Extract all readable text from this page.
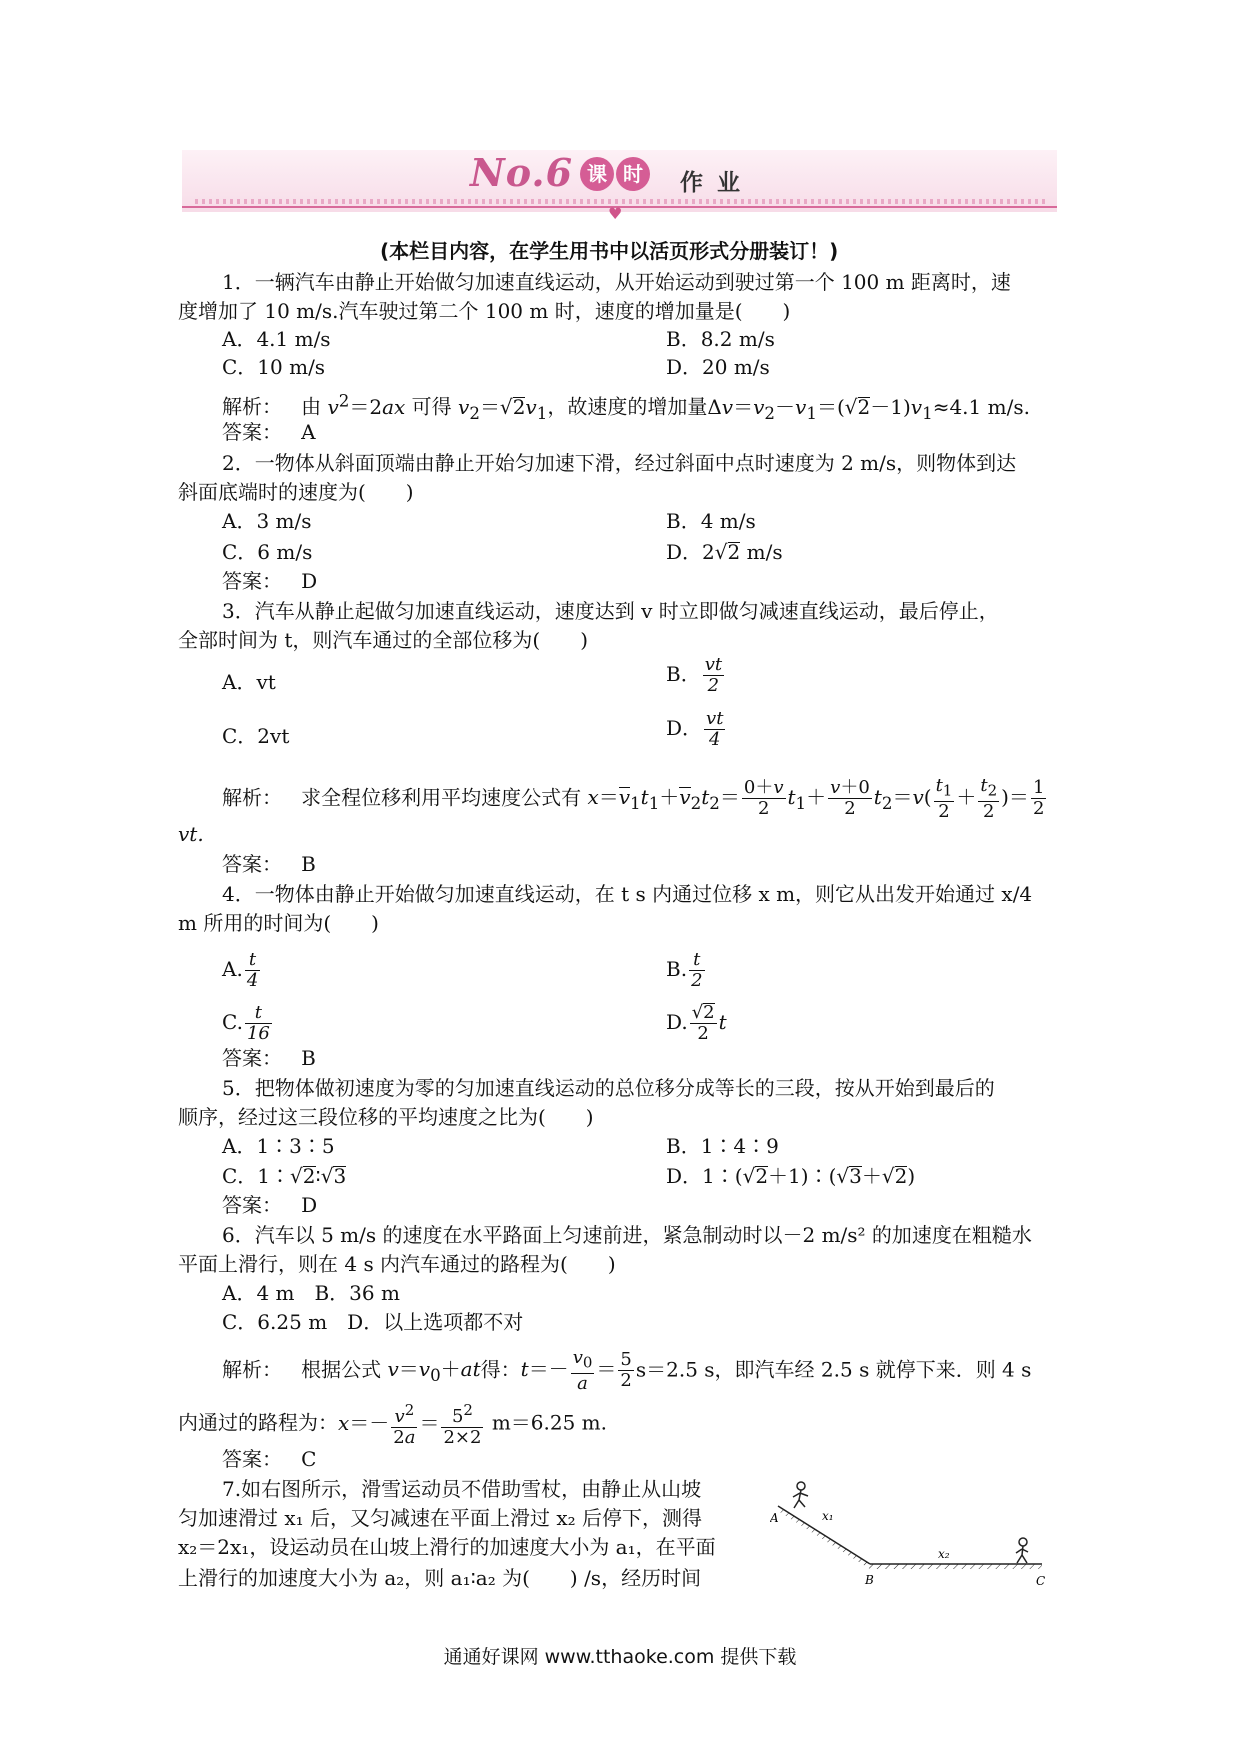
♥
No.6 课 时	作 业
(本栏目内容，在学生用书中以活页形式分册装订！)
1．一辆汽车由静止开始做匀加速直线运动，从开始运动到驶过第一个 100 m 距离时，速
度增加了 10 m/s.汽车驶过第二个 100 m 时，速度的增加量是(　　)
A．4.1 m/s	B．8.2 m/s
C．10 m/s	D．20 m/s
解析： 由 $v^2=2ax$ 可得 $v_2=√2v_1$，故速度的增加量$\Delta v=v_2-v_1=(√2-1)v_1\approx 4.1$ m/s.
答案： A
2．一物体从斜面顶端由静止开始匀加速下滑，经过斜面中点时速度为 2 m/s，则物体到达
斜面底端时的速度为(　　)
A．3 m/s	B．4 m/s
C．6 m/s	D．2√2 m/s
答案： D
3．汽车从静止起做匀加速直线运动，速度达到 v 时立即做匀减速直线运动，最后停止，
全部时间为 t，则汽车通过的全部位移为(　　)
A．vt	B． $\frac{vt}{2}$
C．2vt	D． $\frac{vt}{4}$
解析： 求全程位移利用平均速度公式有 $x=v_1t_1+v_2t_2= \frac{0+v}{2} t_1+ \frac{v+0}{2} t_2=v( \frac{t_1}{2} + \frac{t_2}{2}$ )＝ $\frac{1}{2}$
vt.
答案： B
4．一物体由静止开始做匀加速直线运动，在 t s 内通过位移 x m，则它从出发开始通过 x/4
m 所用的时间为(　　)
A. $\frac{t}{4}$	B. $\frac{t}{2}$
C. $\frac{t}{16}$	D. $\frac{√2}{2}$ t
答案： B
5．把物体做初速度为零的匀加速直线运动的总位移分成等长的三段，按从开始到最后的
顺序，经过这三段位移的平均速度之比为(　　)
A．1∶3∶5	B．1∶4∶9
C．1∶√2∶√3	D．1∶(√2＋1)∶(√3＋√2)
答案： D
6．汽车以 5 m/s 的速度在水平路面上匀速前进，紧急制动时以－2 m/s² 的加速度在粗糙水
平面上滑行，则在 4 s 内汽车通过的路程为(　　)
A．4 m　B．36 m
C．6.25 m　D．以上选项都不对
解析： 根据公式 $v=v_0+at$得：$t=- \frac{v_0}{a} = \frac{5}{2} s=2.5$ s，即汽车经 2.5 s 就停下来．则 4 s
内通过的路程为：$x=- \frac{v^2}{2a} = \frac{5^2}{2\times 2} m=6.25$ m.
答案： C
7.如右图所示，滑雪运动员不借助雪杖，由静止从山坡
匀加速滑过 x₁ 后，又匀减速在平面上滑过 x₂ 后停下，测得
x₂＝2x₁，设运动员在山坡上滑行的加速度大小为 a₁，在平面
上滑行的加速度大小为 a₂，则 a₁∶a₂ 为(　　) /s，经历时间
A	x₁
B
x₂
C
通通好课网 www.tthaoke.com 提供下载
